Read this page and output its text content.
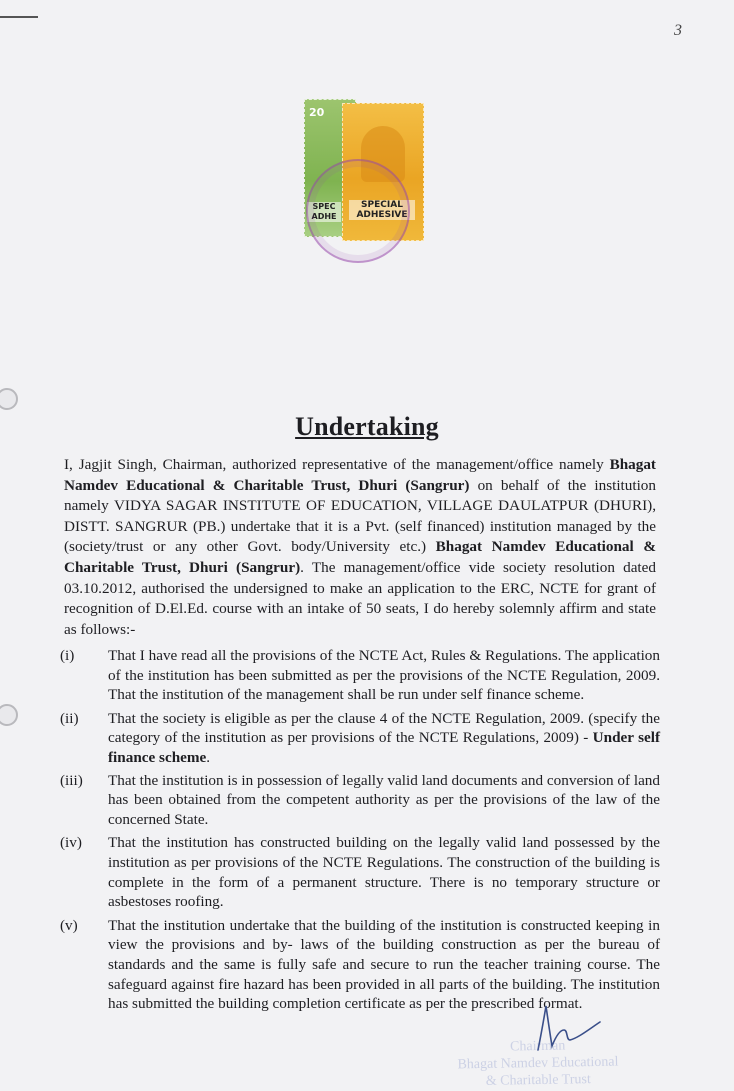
3
20
SPEC ADHE
SPECIAL ADHESIVE
Undertaking

I, Jagjit Singh, Chairman, authorized representative of the management/office namely Bhagat Namdev Educational & Charitable Trust, Dhuri (Sangrur) on behalf of the institution namely VIDYA SAGAR INSTITUTE OF EDUCATION, VILLAGE DAULATPUR (DHURI), DISTT. SANGRUR (PB.) undertake that it is a Pvt. (self financed) institution managed by the (society/trust or any other Govt. body/University etc.) Bhagat Namdev Educational & Charitable Trust, Dhuri (Sangrur). The management/office vide society resolution dated 03.10.2012, authorised the undersigned to make an application to the ERC, NCTE for grant of recognition of D.El.Ed. course with an intake of 50 seats, I do hereby solemnly affirm and state as follows:-

(i) That I have read all the provisions of the NCTE Act, Rules & Regulations. The application of the institution has been submitted as per the provisions of the NCTE Regulation, 2009. That the institution of the management shall be run under self finance scheme.
(ii) That the society is eligible as per the clause 4 of the NCTE Regulation, 2009. (specify the category of the institution as per provisions of the NCTE Regulations, 2009) - Under self finance scheme.
(iii) That the institution is in possession of legally valid land documents and conversion of land has been obtained from the competent authority as per the provisions of the law of the concerned State.
(iv) That the institution has constructed building on the legally valid land possessed by the institution as per provisions of the NCTE Regulations. The construction of the building is complete in the form of a permanent structure. There is no temporary structure or asbestoses roofing.
(v) That the institution undertake that the building of the institution is constructed keeping in view the provisions and by- laws of the building construction as per the bureau of standards and the same is fully safe and secure to run the teacher training course. The safeguard against fire hazard has been provided in all parts of the building. The institution has submitted the building completion certificate as per the prescribed format.
Chairman
Bhagat Namdev Educational
& Charitable Trust
